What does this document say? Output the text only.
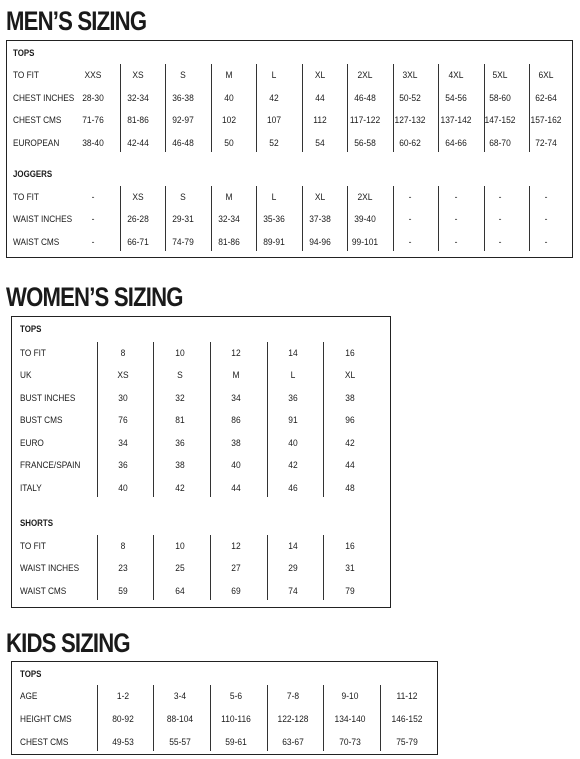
MEN’S SIZING
WOMEN’S SIZING
KIDS SIZING
TOPS
TO FIT	XXS	XS	S	M	L	XL	2XL	3XL	4XL	5XL	6XL
CHEST INCHES 28-30	32-34	36-38	40	42	44	46-48	50-52	54-56	58-60	62-64
CHEST CMS	71-76	81-86	92-97	102	107	112	117-122	127-132	137-142	147-152	157-162
EUROPEAN	38-40	42-44	46-48	50	52	54	56-58	60-62	64-66	68-70	72-74
JOGGERS
TO FIT	-	XS	S	M	L	XL	2XL	-	-	-	-
WAIST INCHES	-	26-28	29-31	32-34	35-36	37-38	39-40	-	-	-	-
WAIST CMS	-	66-71	74-79	81-86	89-91	94-96	99-101	-	-	-	-
TOPS
TO FIT	8	10	12	14	16
UK	XS	S	M	L	XL
BUST INCHES	30	32	34	36	38
BUST CMS	76	81	86	91	96
EURO	34	36	38	40	42
FRANCE/SPAIN	36	38	40	42	44
ITALY	40	42	44	46	48
SHORTS
TO FIT	8	10	12	14	16
WAIST INCHES	23	25	27	29	31
WAIST CMS	59	64	69	74	79
TOPS
AGE	1-2	3-4	5-6	7-8	9-10	11-12
HEIGHT CMS	80-92	88-104	110-116	122-128	134-140	146-152
CHEST CMS	49-53	55-57	59-61	63-67	70-73	75-79
